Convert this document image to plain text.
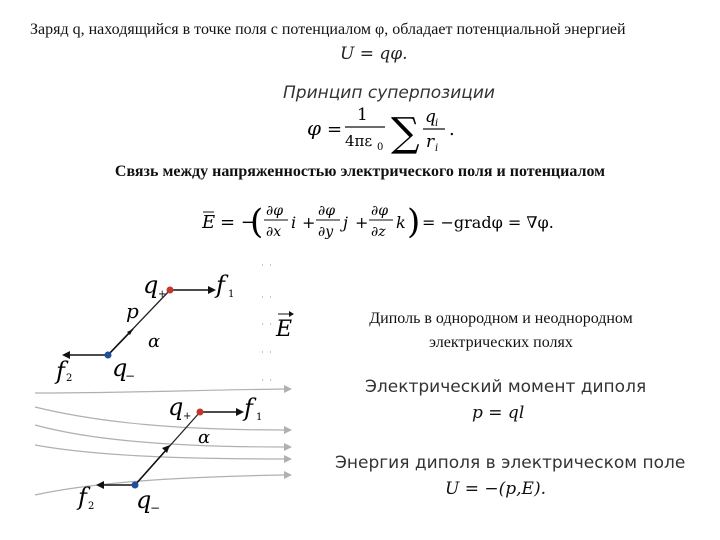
Заряд q, находящийся в точке поля с потенциалом φ, обладает потенциальной энергией
U = qφ.
Принцип суперпозиции
φ =
1
4πε 0 ∑ q i
r i
.
Связь между напряженностью электрического поля и потенциалом
E = −
( ∂φ
∂x i +
∂φ
∂y j +
∂φ
∂z k ) = −gradφ = ∇φ.
q + f 1
p
α
f 2 q
−
E
q + f 1
α
f 2 q
−
Диполь в однородном и неоднородном электрических полях
Электрический момент диполя
p = ql
Энергия диполя в электрическом поле
U = −(p,E).
